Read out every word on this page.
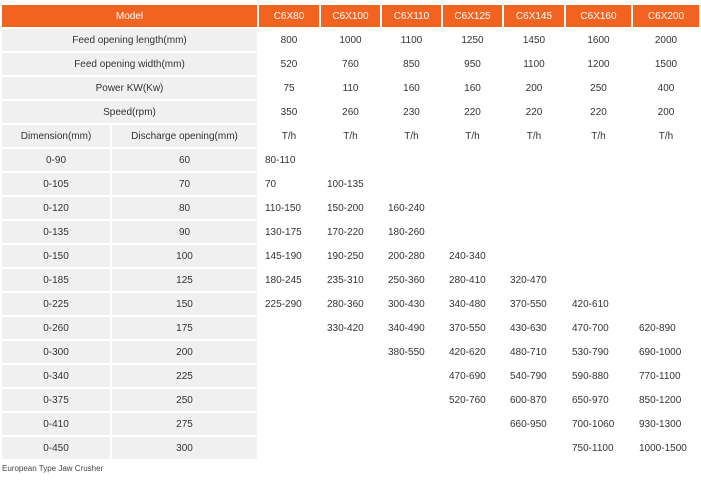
Model		C6X80	C6X100	C6X110	C6X125	C6X145	C6X160	C6X200
Feed opening length(mm)		800	1000	1100	1250	1450	1600	2000
Feed opening width(mm)		520	760	850	950	1100	1200	1500
Power KW(Kw)		75	110	160	160	200	250	400
Speed(rpm)		350	260	230	220	220	220	200
Dimension(mm)	Discharge opening(mm)	T/h	T/h	T/h	T/h	T/h	T/h	T/h
0-90	60	80-110						
0-105	70	70	100-135					
0-120	80	110-150	150-200	160-240				
0-135	90	130-175	170-220	180-260				
0-150	100	145-190	190-250	200-280	240-340			
0-185	125	180-245	235-310	250-360	280-410	320-470		
0-225	150	225-290	280-360	300-430	340-480	370-550	420-610	
0-260	175		330-420	340-490	370-550	430-630	470-700	620-890
0-300	200			380-550	420-620	480-710	530-790	690-1000
0-340	225				470-690	540-790	590-880	770-1100
0-375	250				520-760	600-870	650-970	850-1200
0-410	275					660-950	700-1060	930-1300
0-450	300						750-1100	1000-1500
European Type Jaw Crusher
